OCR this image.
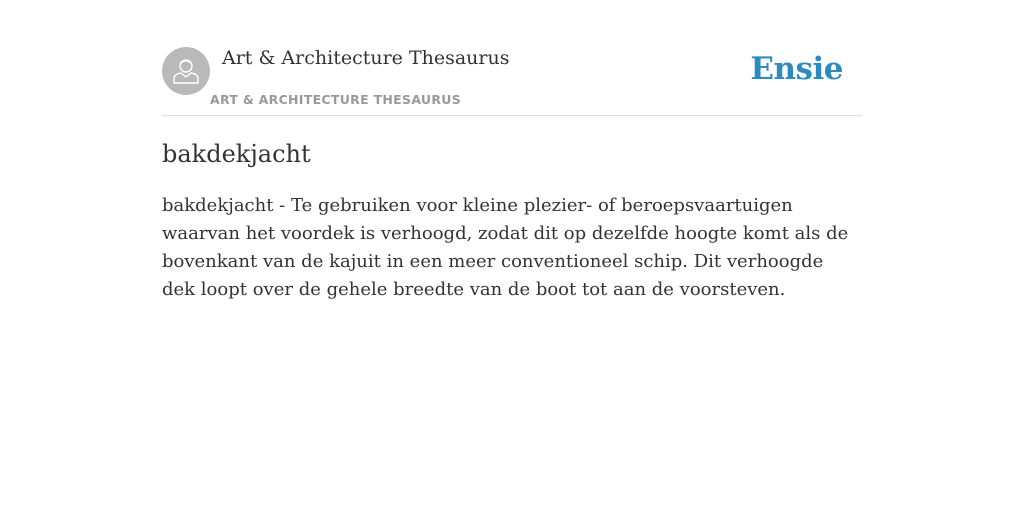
Art & Architecture Thesaurus
ART & ARCHITECTURE THESAURUS
Ensie
bakdekjacht

bakdekjacht - Te gebruiken voor kleine plezier- of beroepsvaartuigen waarvan het voordek is verhoogd, zodat dit op dezelfde hoogte komt als de bovenkant van de kajuit in een meer conventioneel schip. Dit verhoogde dek loopt over de gehele breedte van de boot tot aan de voorsteven.
